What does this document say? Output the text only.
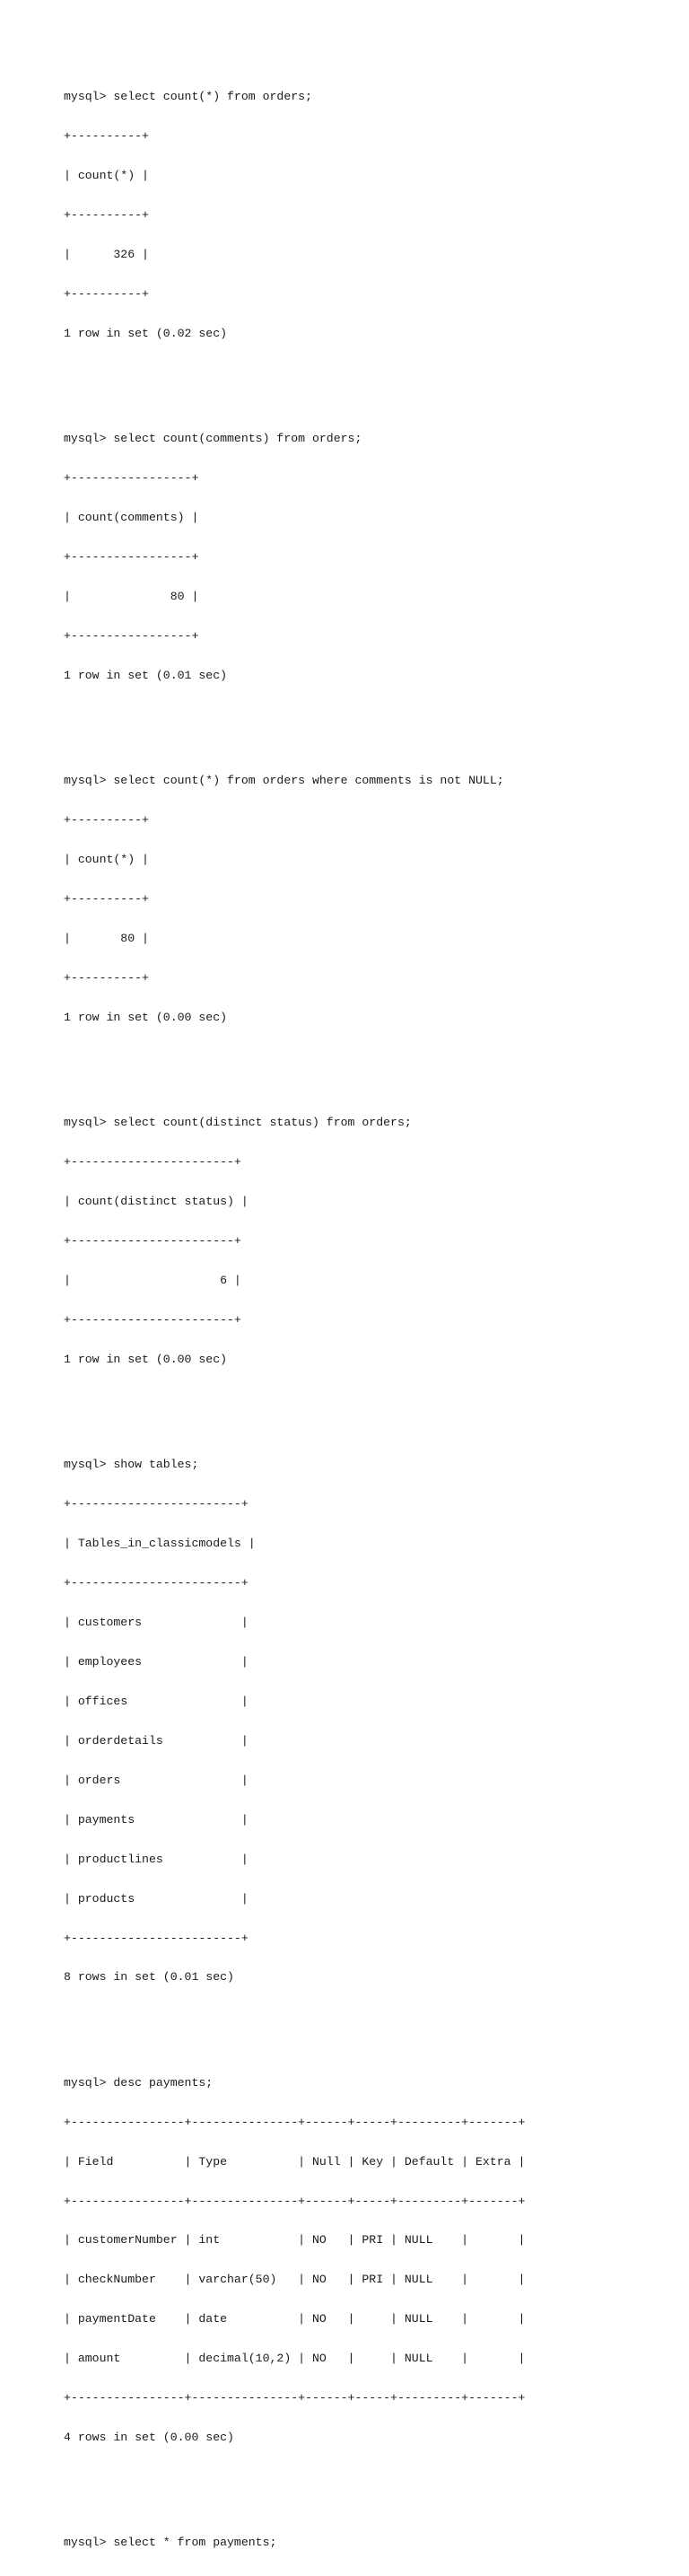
mysql> select count(*) from orders;

+----------+

| count(*) |

+----------+

|      326 |

+----------+

1 row in set (0.02 sec)

mysql> select count(comments) from orders;

+-----------------+

| count(comments) |

+-----------------+

|              80 |

+-----------------+

1 row in set (0.01 sec)

mysql> select count(*) from orders where comments is not NULL;

+----------+

| count(*) |

+----------+

|       80 |

+----------+

1 row in set (0.00 sec)

mysql> select count(distinct status) from orders;

+-----------------------+

| count(distinct status) |

+-----------------------+

|                     6 |

+-----------------------+

1 row in set (0.00 sec)

mysql> show tables;

+------------------------+

| Tables_in_classicmodels |

+------------------------+

| customers              |

| employees              |

| offices                |

| orderdetails           |

| orders                 |

| payments               |

| productlines           |

| products               |

+------------------------+

8 rows in set (0.01 sec)

mysql> desc payments;

+----------------+---------------+------+-----+---------+-------+

| Field          | Type          | Null | Key | Default | Extra |

+----------------+---------------+------+-----+---------+-------+

| customerNumber | int           | NO   | PRI | NULL    |       |

| checkNumber    | varchar(50)   | NO   | PRI | NULL    |       |

| paymentDate    | date          | NO   |     | NULL    |       |

| amount         | decimal(10,2) | NO   |     | NULL    |       |

+----------------+---------------+------+-----+---------+-------+

4 rows in set (0.00 sec)

mysql> select * from payments;
